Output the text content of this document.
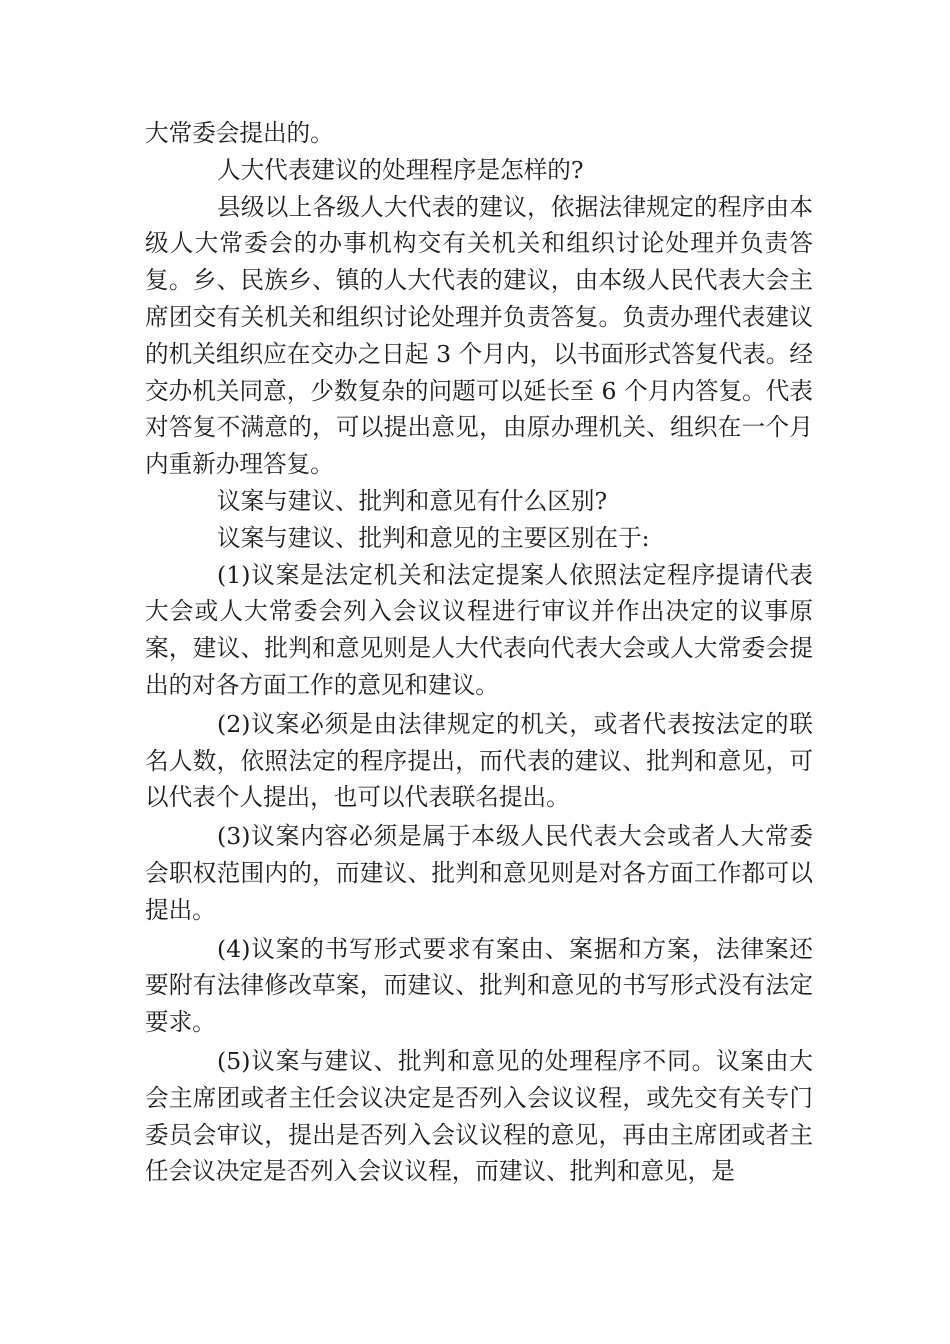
大常委会提出的。

人大代表建议的处理程序是怎样的?

县级以上各级人大代表的建议，依据法律规定的程序由本级人大常委会的办事机构交有关机关和组织讨论处理并负责答复。乡、民族乡、镇的人大代表的建议，由本级人民代表大会主席团交有关机关和组织讨论处理并负责答复。负责办理代表建议的机关组织应在交办之日起 3 个月内，以书面形式答复代表。经交办机关同意，少数复杂的问题可以延长至 6 个月内答复。代表对答复不满意的，可以提出意见，由原办理机关、组织在一个月内重新办理答复。

议案与建议、批判和意见有什么区别?

议案与建议、批判和意见的主要区别在于:

(1)议案是法定机关和法定提案人依照法定程序提请代表大会或人大常委会列入会议议程进行审议并作出决定的议事原案，建议、批判和意见则是人大代表向代表大会或人大常委会提出的对各方面工作的意见和建议。

(2)议案必须是由法律规定的机关，或者代表按法定的联名人数，依照法定的程序提出，而代表的建议、批判和意见，可以代表个人提出，也可以代表联名提出。

(3)议案内容必须是属于本级人民代表大会或者人大常委会职权范围内的，而建议、批判和意见则是对各方面工作都可以提出。

(4)议案的书写形式要求有案由、案据和方案，法律案还要附有法律修改草案，而建议、批判和意见的书写形式没有法定要求。

(5)议案与建议、批判和意见的处理程序不同。议案由大会主席团或者主任会议决定是否列入会议议程，或先交有关专门委员会审议，提出是否列入会议议程的意见，再由主席团或者主任会议决定是否列入会议议程，而建议、批判和意见，是
